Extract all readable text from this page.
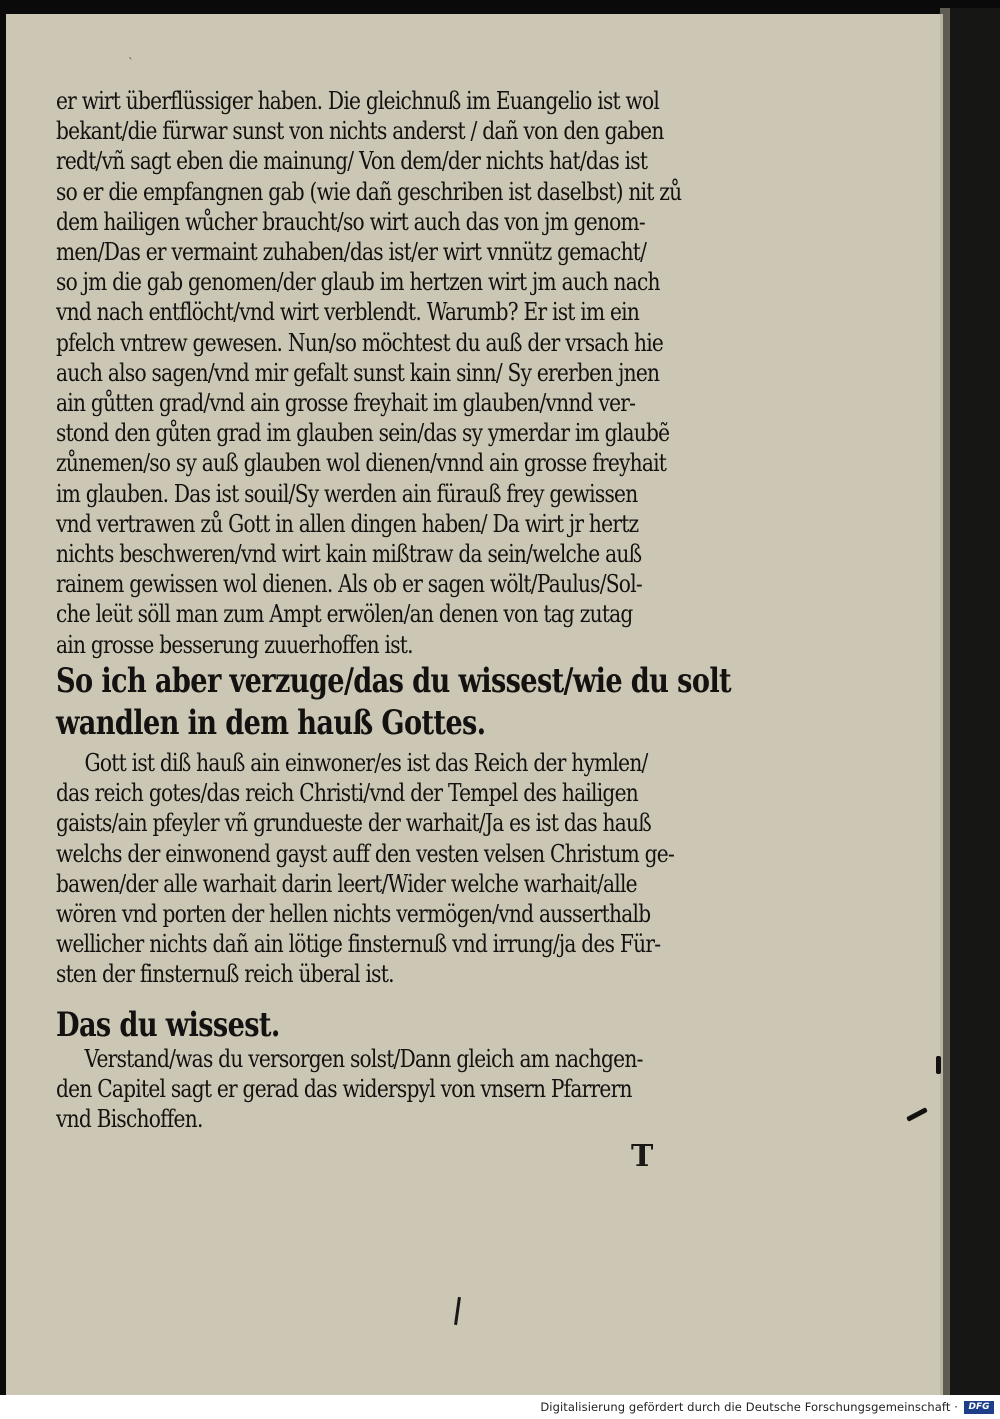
`
er wirt überflüssiger haben. Die gleichnuß im Euangelio ist wol
bekant/die fürwar sunst von nichts anderst / dañ von den gaben
redt/vñ sagt eben die mainung/ Von dem/der nichts hat/das ist
so er die empfangnen gab (wie dañ geschriben ist daselbst) nit zů
dem hailigen wůcher braucht/so wirt auch das von jm genom-
men/Das er vermaint zuhaben/das ist/er wirt vnnütz gemacht/
so jm die gab genomen/der glaub im hertzen wirt jm auch nach
vnd nach entflöcht/vnd wirt verblendt. Warumb? Er ist im ein
pfelch vntrew gewesen. Nun/so möchtest du auß der vrsach hie
auch also sagen/vnd mir gefalt sunst kain sinn/ Sy ererben jnen
ain gůtten grad/vnd ain grosse freyhait im glauben/vnnd ver-
stond den gůten grad im glauben sein/das sy ymerdar im glaubẽ
zůnemen/so sy auß glauben wol dienen/vnnd ain grosse freyhait
im glauben. Das ist souil/Sy werden ain fürauß frey gewissen
vnd vertrawen zů Gott in allen dingen haben/ Da wirt jr hertz
nichts beschweren/vnd wirt kain mißtraw da sein/welche auß
rainem gewissen wol dienen. Als ob er sagen wölt/Paulus/Sol-
che leüt söll man zum Ampt erwölen/an denen von tag zutag
ain grosse besserung zuuerhoffen ist.
So ich aber verzuge/das du wissest/wie du solt
wandlen in dem hauß Gottes.
Gott ist diß hauß ain einwoner/es ist das Reich der hymlen/
das reich gotes/das reich Christi/vnd der Tempel des hailigen
gaists/ain pfeyler vñ grundueste der warhait/Ja es ist das hauß
welchs der einwonend gayst auff den vesten velsen Christum ge-
bawen/der alle warhait darin leert/Wider welche warhait/alle
wören vnd porten der hellen nichts vermögen/vnd ausserthalb
wellicher nichts dañ ain lötige finsternuß vnd irrung/ja des Für-
sten der finsternuß reich überal ist.
Das du wissest.
Verstand/was du versorgen solst/Dann gleich am nachgen-
den Capitel sagt er gerad das widerspyl von vnsern Pfarrern
vnd Bischoffen.
T
Digitalisierung gefördert durch die Deutsche Forschungsgemeinschaft ·	DFG
